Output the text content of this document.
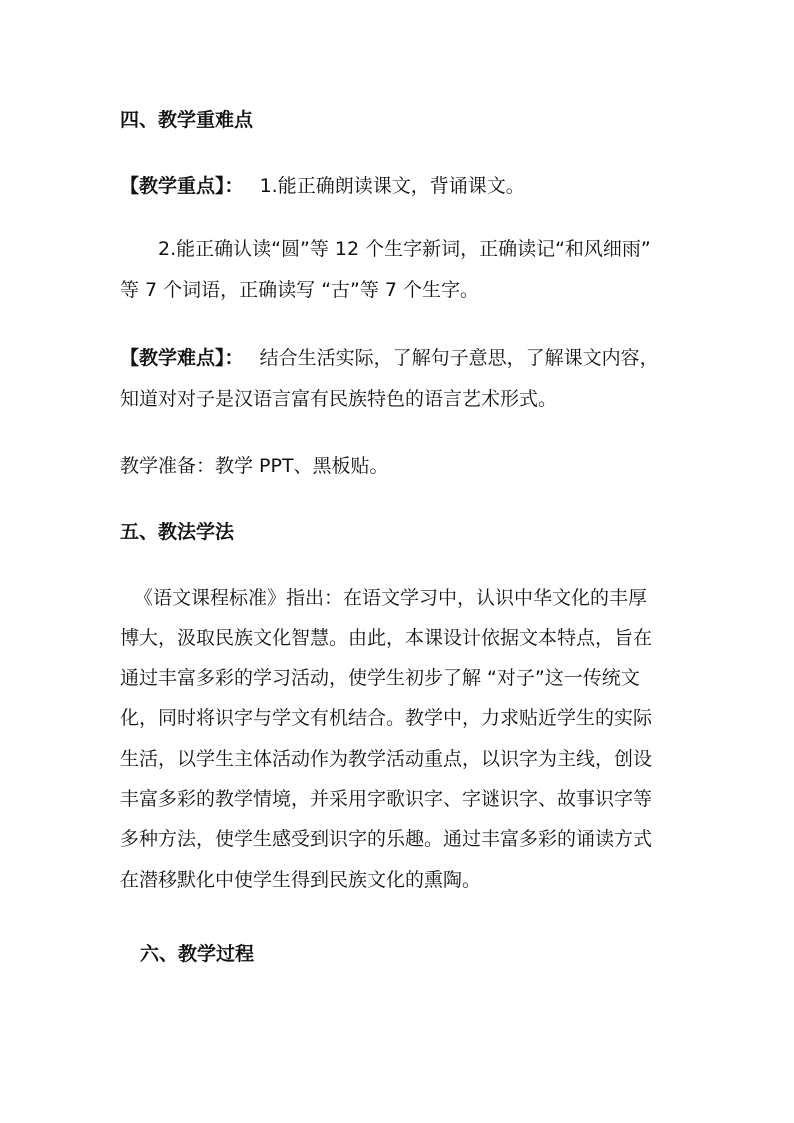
四、教学重难点
【教学重点】： 1.能正确朗读课文，背诵课文。
2.能正确认读“圆”等 12 个生字新词，正确读记“和风细雨”
等 7 个词语，正确读写 “古”等 7 个生字。
【教学难点】： 结合生活实际，了解句子意思，了解课文内容，
知道对对子是汉语言富有民族特色的语言艺术形式。
教学准备：教学 PPT、黑板贴。
五、教法学法
《语文课程标准》指出：在语文学习中，认识中华文化的丰厚
博大，汲取民族文化智慧。由此，本课设计依据文本特点，旨在
通过丰富多彩的学习活动，使学生初步了解 “对子”这一传统文
化，同时将识字与学文有机结合。教学中，力求贴近学生的实际
生活，以学生主体活动作为教学活动重点，以识字为主线，创设
丰富多彩的教学情境，并采用字歌识字、字谜识字、故事识字等
多种方法，使学生感受到识字的乐趣。通过丰富多彩的诵读方式
在潜移默化中使学生得到民族文化的熏陶。
六、教学过程
